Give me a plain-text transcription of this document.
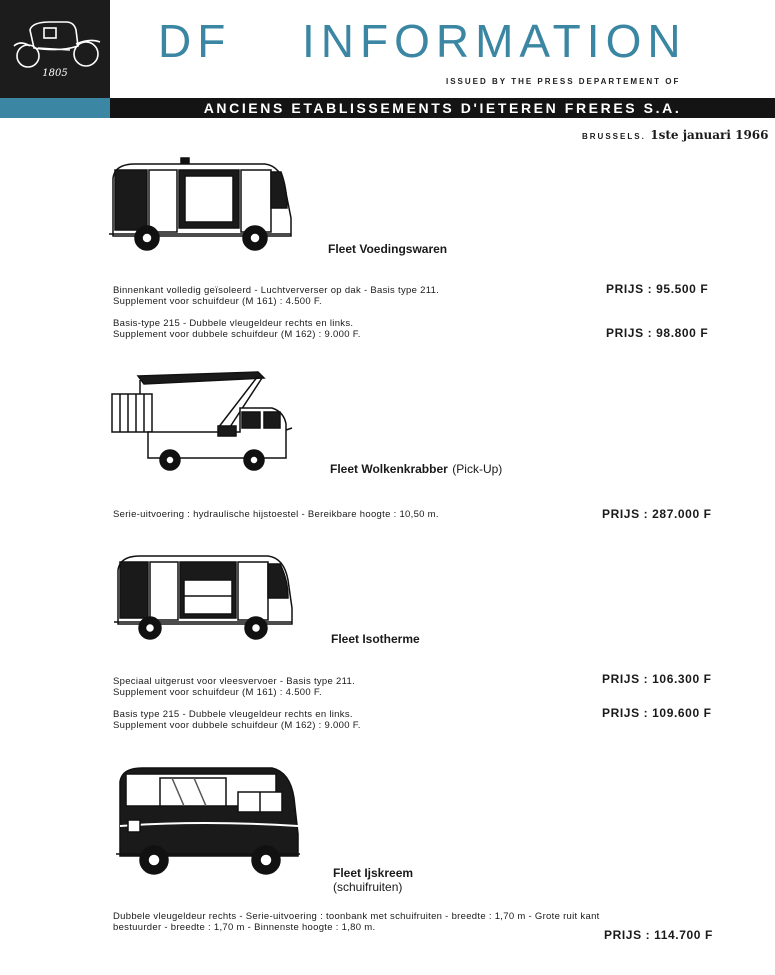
1805
DF INFORMATION
ISSUED BY THE PRESS DEPARTEMENT OF
ANCIENS ETABLISSEMENTS D'IETEREN FRERES S.A.
BRUSSELS. 1ste januari 1966
Fleet Voedingswaren
Binnenkant volledig geïsoleerd - Luchtververser op dak - Basis type 211.
Supplement voor schuifdeur (M 161) : 4.500 F.
PRIJS : 95.500 F
Basis-type 215 - Dubbele vleugeldeur rechts en links.
Supplement voor dubbele schuifdeur (M 162) : 9.000 F.	PRIJS : 98.800 F
Fleet Wolkenkrabber (Pick-Up)
Serie-uitvoering : hydraulische hijstoestel - Bereikbare hoogte : 10,50 m.	PRIJS : 287.000 F
Fleet Isotherme
Speciaal uitgerust voor vleesvervoer - Basis type 211.
Supplement voor schuifdeur (M 161) : 4.500 F.
PRIJS : 106.300 F
Basis type 215 - Dubbele vleugeldeur rechts en links.
Supplement voor dubbele schuifdeur (M 162) : 9.000 F.
PRIJS : 109.600 F
Fleet Ijskreem
(schuifruiten)
Dubbele vleugeldeur rechts - Serie-uitvoering : toonbank met schuifruiten - breedte : 1,70 m - Grote ruit kant
bestuurder - breedte : 1,70 m - Binnenste hoogte : 1,80 m.
PRIJS : 114.700 F
